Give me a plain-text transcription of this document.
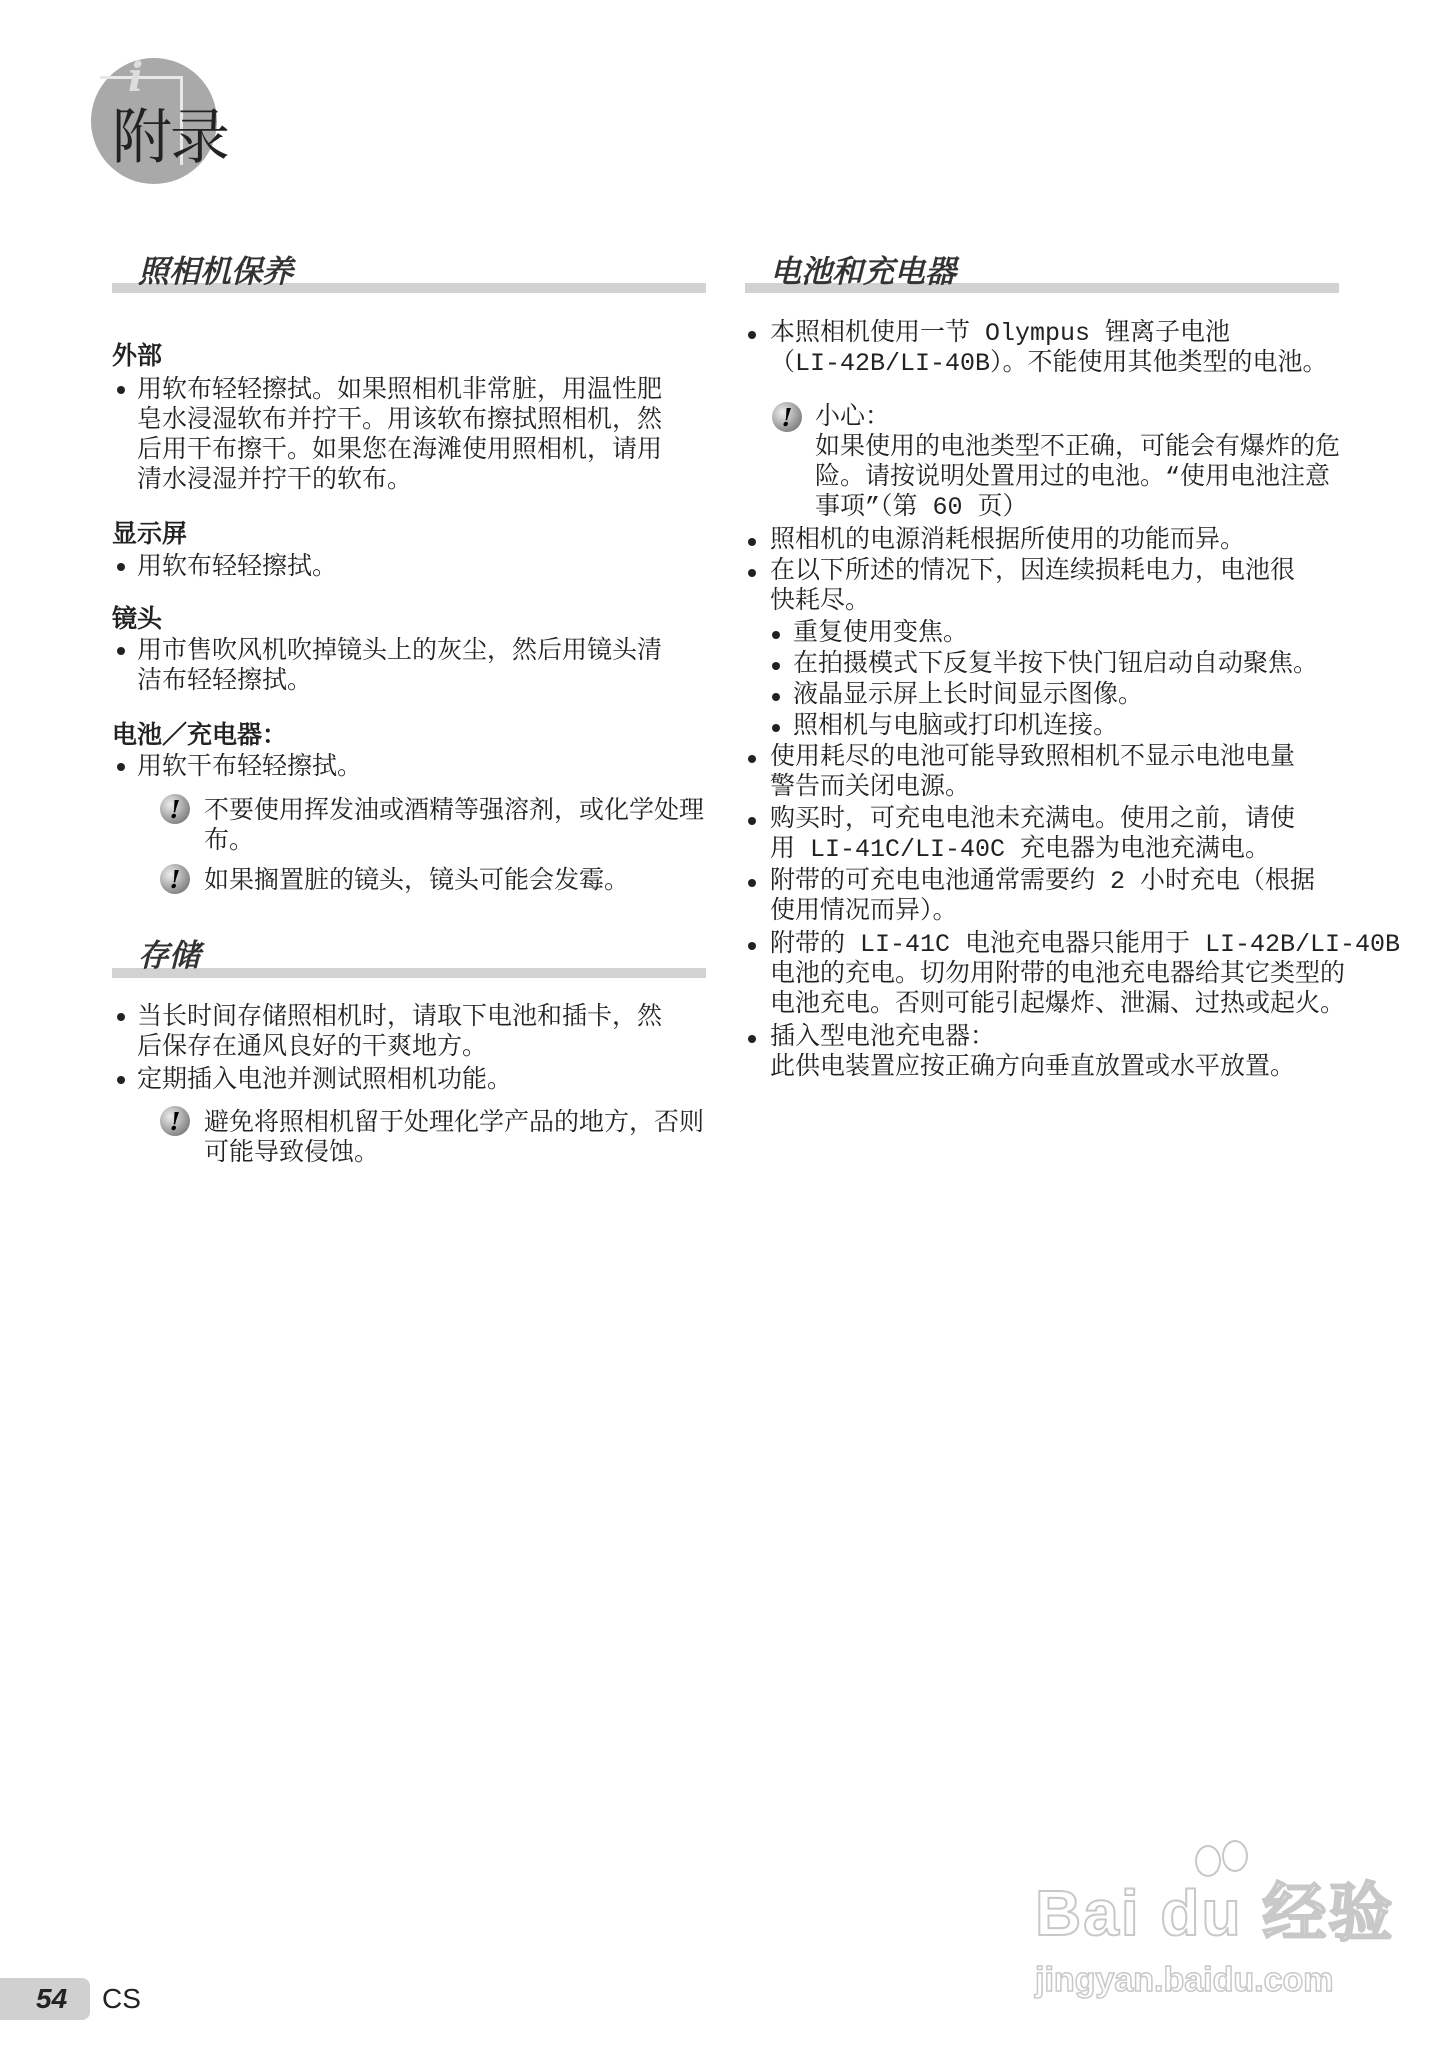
i
附录
照相机保养
存储
电池和充电器
外部
用软布轻轻擦拭。如果照相机非常脏，用温性肥
皂水浸湿软布并拧干。用该软布擦拭照相机，然
后用干布擦干。如果您在海滩使用照相机，请用
清水浸湿并拧干的软布。
显示屏
用软布轻轻擦拭。
镜头
用市售吹风机吹掉镜头上的灰尘，然后用镜头清
洁布轻轻擦拭。
电池／充电器：
用软干布轻轻擦拭。
不要使用挥发油或酒精等强溶剂，或化学处理
布。
!
如果搁置脏的镜头，镜头可能会发霉。
!
当长时间存储照相机时，请取下电池和插卡，然
后保存在通风良好的干爽地方。
定期插入电池并测试照相机功能。
避免将照相机留于处理化学产品的地方，否则
可能导致侵蚀。
!
本照相机使用一节 Olympus 锂离子电池
（LI-42B/LI-40B）。不能使用其他类型的电池。
小心：
如果使用的电池类型不正确，可能会有爆炸的危
险。请按说明处置用过的电池。“使用电池注意
事项”（第 60 页）
!
照相机的电源消耗根据所使用的功能而异。
在以下所述的情况下，因连续损耗电力，电池很
快耗尽。
重复使用变焦。
在拍摄模式下反复半按下快门钮启动自动聚焦。
液晶显示屏上长时间显示图像。
照相机与电脑或打印机连接。
使用耗尽的电池可能导致照相机不显示电池电量
警告而关闭电源。
购买时，可充电电池未充满电。使用之前，请使
用 LI-41C/LI-40C 充电器为电池充满电。
附带的可充电电池通常需要约 2 小时充电（根据
使用情况而异）。
附带的 LI-41C 电池充电器只能用于 LI-42B/LI-40B
电池的充电。切勿用附带的电池充电器给其它类型的
电池充电。否则可能引起爆炸、泄漏、过热或起火。
插入型电池充电器：
此供电装置应按正确方向垂直放置或水平放置。
54 CS
Bai du 经验
jingyan.baidu.com
